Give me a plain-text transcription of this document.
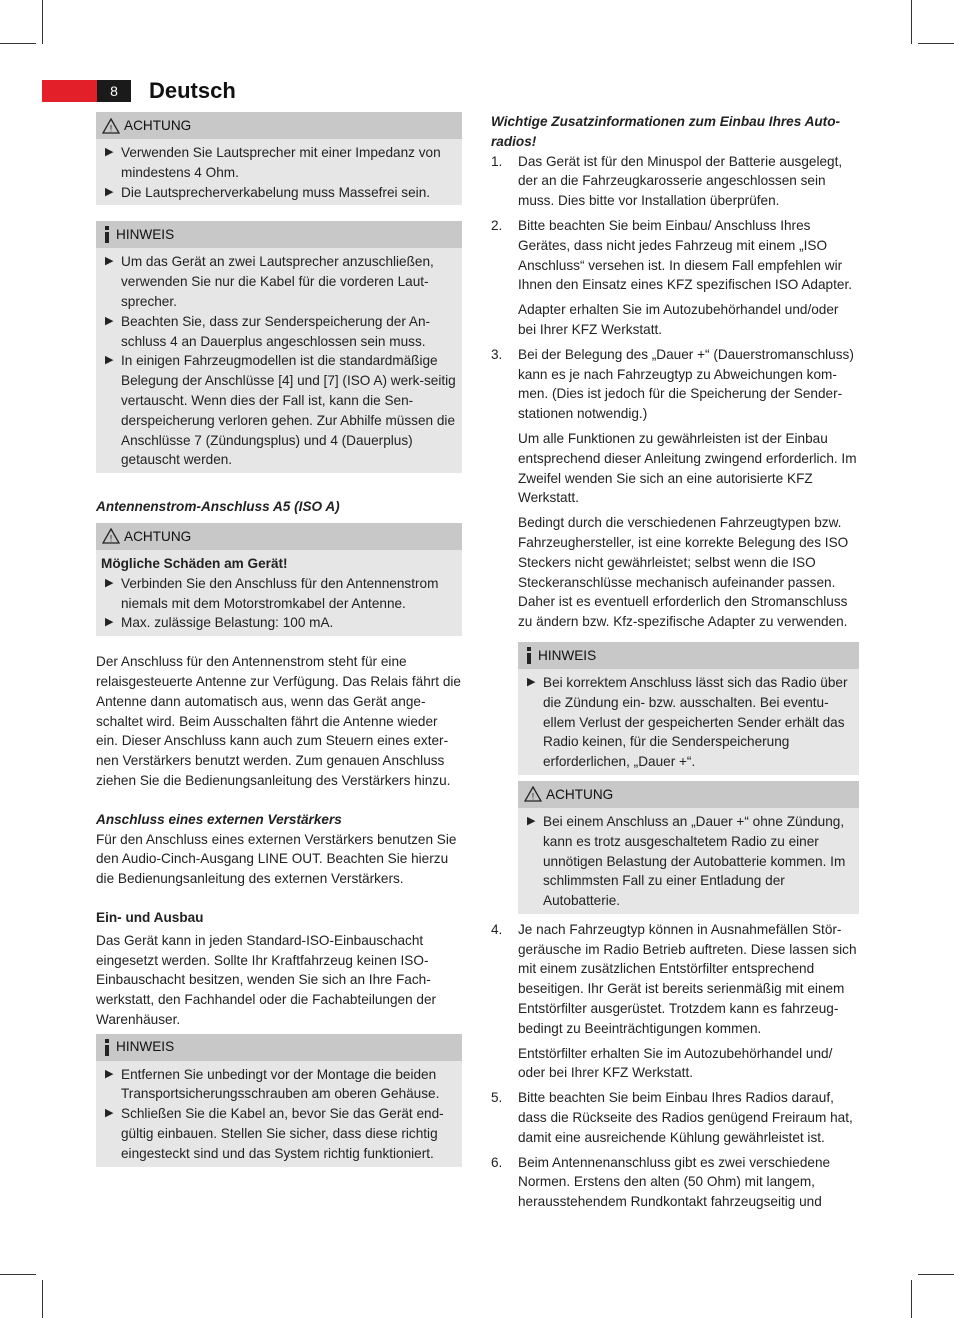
8	Deutsch
! ACHTUNG
▶ Verwenden Sie Lautsprecher mit einer Impedanz von mindestens 4 Ohm.
▶ Die Lautsprecherverkabelung muss Massefrei sein.
HINWEIS
▶ Um das Gerät an zwei Lautsprecher anzuschließen, verwenden Sie nur die Kabel für die vorderen Laut-sprecher.
▶ Beachten Sie, dass zur Senderspeicherung der An-schluss 4 an Dauerplus angeschlossen sein muss.
▶ In einigen Fahrzeugmodellen ist die standardmäßige Belegung der Anschlüsse [4] und [7] (ISO A) werk-seitig vertauscht. Wenn dies der Fall ist, kann die Sen-derspeicherung verloren gehen. Zur Abhilfe müssen die Anschlüsse 7 (Zündungsplus) und 4 (Dauerplus) getauscht werden.

Antennenstrom-Anschluss A5 (ISO A)

! ACHTUNG

Mögliche Schäden am Gerät!

▶ Verbinden Sie den Anschluss für den Antennenstrom niemals mit dem Motorstromkabel der Antenne.
▶ Max. zulässige Belastung: 100 mA.

Der Anschluss für den Antennenstrom steht für eine relaisgesteuerte Antenne zur Verfügung. Das Relais fährt die Antenne dann automatisch aus, wenn das Gerät ange-schaltet wird. Beim Ausschalten fährt die Antenne wieder ein. Dieser Anschluss kann auch zum Steuern eines exter-nen Verstärkers benutzt werden. Zum genauen Anschluss ziehen Sie die Bedienungsanleitung des Verstärkers hinzu.

Anschluss eines externen Verstärkers

Für den Anschluss eines externen Verstärkers benutzen Sie den Audio-Cinch-Ausgang LINE OUT. Beachten Sie hierzu die Bedienungsanleitung des externen Verstärkers.

Ein- und Ausbau

Das Gerät kann in jeden Standard-ISO-Einbauschacht eingesetzt werden. Sollte Ihr Kraftfahrzeug keinen ISO-Einbauschacht besitzen, wenden Sie sich an Ihre Fach-werkstatt, den Fachhandel oder die Fachabteilungen der Warenhäuser.

HINWEIS
▶ Entfernen Sie unbedingt vor der Montage die beiden Transportsicherungsschrauben am oberen Gehäuse.
▶ Schließen Sie die Kabel an, bevor Sie das Gerät end-gültig einbauen. Stellen Sie sicher, dass diese richtig eingesteckt sind und das System richtig funktioniert.

Wichtige Zusatzinformationen zum Einbau Ihres Auto-radios!

1.	Das Gerät ist für den Minuspol der Batterie ausgelegt, der an die Fahrzeugkarosserie angeschlossen sein muss. Dies bitte vor Installation überprüfen.

2.	Bitte beachten Sie beim Einbau/ Anschluss Ihres Gerätes, dass nicht jedes Fahrzeug mit einem „ISO Anschluss“ versehen ist. In diesem Fall empfehlen wir Ihnen den Einsatz eines KFZ spezifischen ISO Adapter.

Adapter erhalten Sie im Autozubehörhandel und/oder bei Ihrer KFZ Werkstatt.

3.	Bei der Belegung des „Dauer +“ (Dauerstromanschluss) kann es je nach Fahrzeugtyp zu Abweichungen kom-men. (Dies ist jedoch für die Speicherung der Sender-stationen notwendig.)

Um alle Funktionen zu gewährleisten ist der Einbau entsprechend dieser Anleitung zwingend erforderlich. Im Zweifel wenden Sie sich an eine autorisierte KFZ Werkstatt.

Bedingt durch die verschiedenen Fahrzeugtypen bzw. Fahrzeughersteller, ist eine korrekte Belegung des ISO Steckers nicht gewährleistet; selbst wenn die ISO Steckeranschlüsse mechanisch aufeinander passen. Daher ist es eventuell erforderlich den Stromanschluss zu ändern bzw. Kfz-spezifische Adapter zu verwenden.

HINWEIS
▶ Bei korrektem Anschluss lässt sich das Radio über die Zündung ein- bzw. ausschalten. Bei eventu-ellem Verlust der gespeicherten Sender erhält das Radio keinen, für die Senderspeicherung erforderlichen, „Dauer +“.
! ACHTUNG
▶ Bei einem Anschluss an „Dauer +“ ohne Zündung, kann es trotz ausgeschaltetem Radio zu einer unnötigen Belastung der Autobatterie kommen. Im schlimmsten Fall zu einer Entladung der Autobatterie.
4.	Je nach Fahrzeugtyp können in Ausnahmefällen Stör-geräusche im Radio Betrieb auftreten. Diese lassen sich mit einem zusätzlichen Entstörfilter entsprechend beseitigen. Ihr Gerät ist bereits serienmäßig mit einem Entstörfilter ausgerüstet. Trotzdem kann es fahrzeug-bedingt zu Beeinträchtigungen kommen.

Entstörfilter erhalten Sie im Autozubehörhandel und/ oder bei Ihrer KFZ Werkstatt.

5.	Bitte beachten Sie beim Einbau Ihres Radios darauf, dass die Rückseite des Radios genügend Freiraum hat, damit eine ausreichende Kühlung gewährleistet ist.

6.	Beim Antennenanschluss gibt es zwei verschiedene Normen. Erstens den alten (50 Ohm) mit langem, herausstehendem Rundkontakt fahrzeugseitig und
